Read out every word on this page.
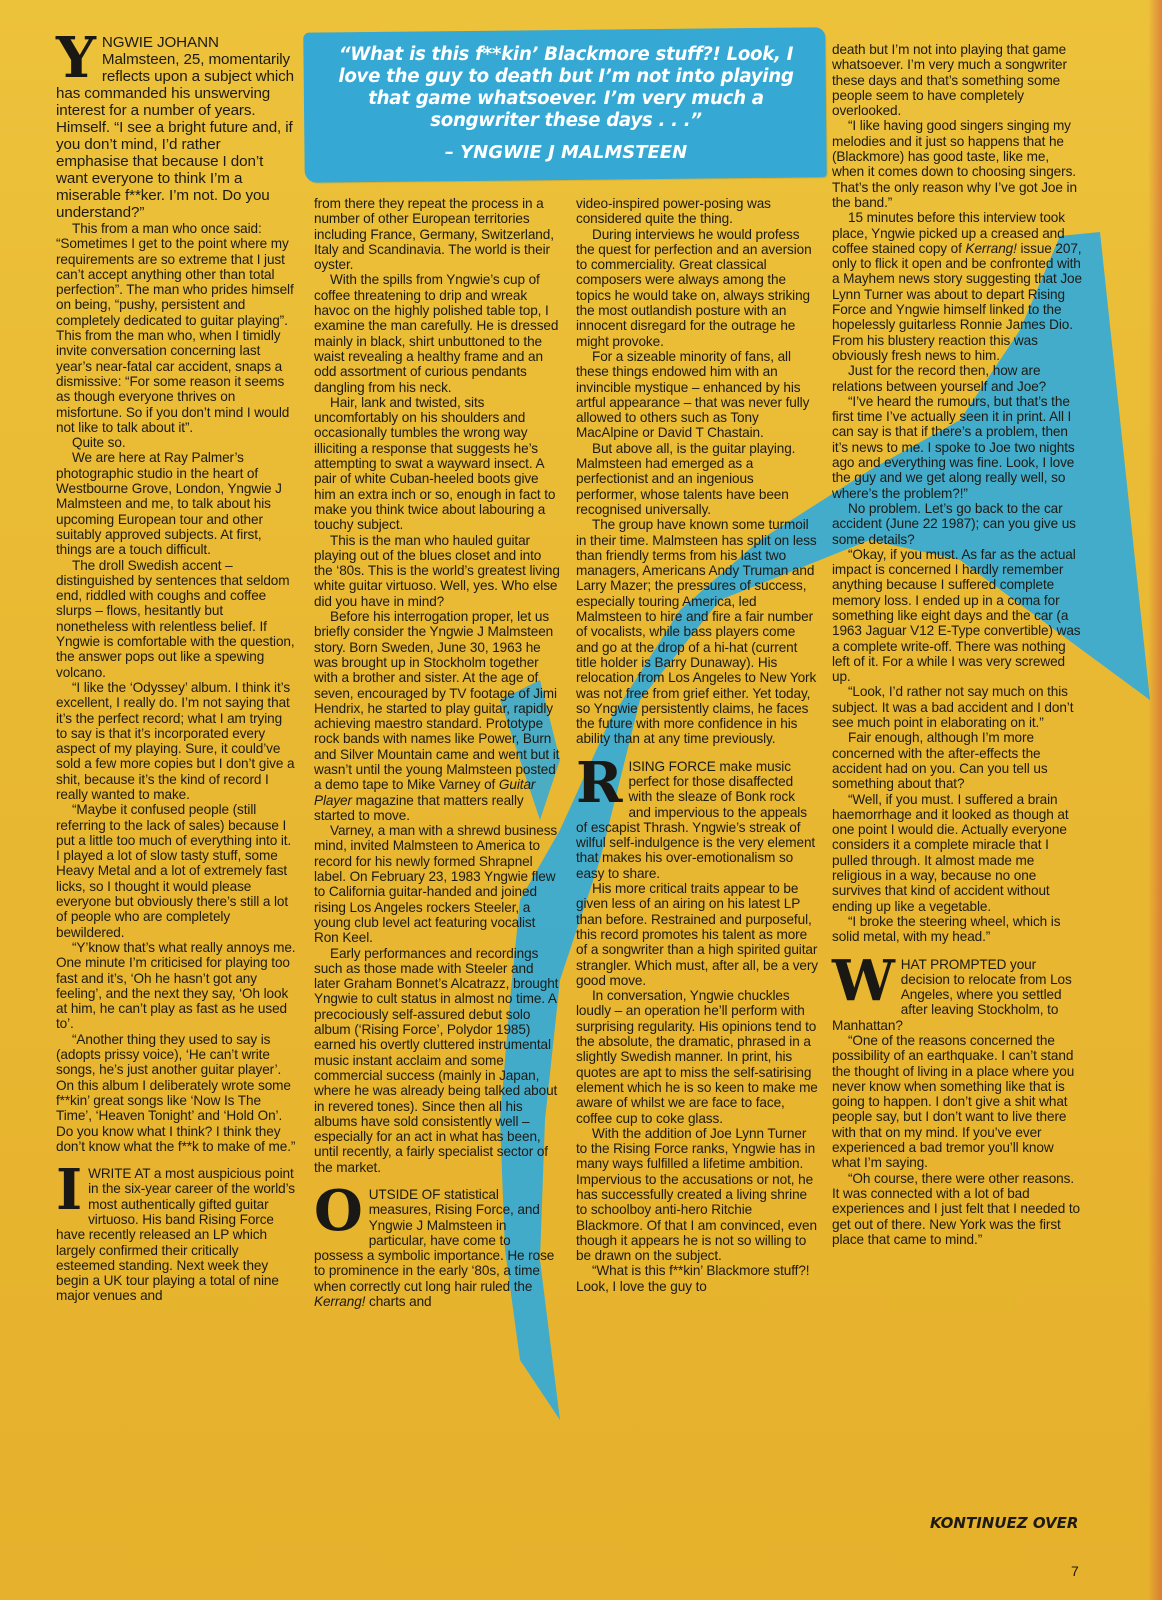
“What is this f**kin’ Blackmore stuff?! Look, I love the guy to death but I’m not into playing that game whatsoever. I’m very much a songwriter these days . . .”
– YNGWIE J MALMSTEEN

YNGWIE JOHANN Malmsteen, 25, momentarily reflects upon a subject which has commanded his unswerving interest for a number of years. Himself. “I see a bright future and, if you don’t mind, I’d rather emphasise that because I don’t want everyone to think I’m a miserable f**ker. I’m not. Do you understand?”

This from a man who once said: “Sometimes I get to the point where my requirements are so extreme that I just can’t accept anything other than total perfection”. The man who prides himself on being, “pushy, persistent and completely dedicated to guitar playing”. This from the man who, when I timidly invite conversation concerning last year’s near-fatal car accident, snaps a dismissive: “For some reason it seems as though everyone thrives on misfortune. So if you don’t mind I would not like to talk about it”.

Quite so.

We are here at Ray Palmer’s photographic studio in the heart of Westbourne Grove, London, Yngwie J Malmsteen and me, to talk about his upcoming European tour and other suitably approved subjects. At first, things are a touch difficult.

The droll Swedish accent – distinguished by sentences that seldom end, riddled with coughs and coffee slurps – flows, hesitantly but nonetheless with relentless belief. If Yngwie is comfortable with the question, the answer pops out like a spewing volcano.

“I like the ‘Odyssey’ album. I think it’s excellent, I really do. I’m not saying that it’s the perfect record; what I am trying to say is that it’s incorporated every aspect of my playing. Sure, it could’ve sold a few more copies but I don’t give a shit, because it’s the kind of record I really wanted to make.

“Maybe it confused people (still referring to the lack of sales) because I put a little too much of everything into it. I played a lot of slow tasty stuff, some Heavy Metal and a lot of extremely fast licks, so I thought it would please everyone but obviously there’s still a lot of people who are completely bewildered.

“Y’know that’s what really annoys me. One minute I’m criticised for playing too fast and it’s, ‘Oh he hasn’t got any feeling’, and the next they say, ‘Oh look at him, he can’t play as fast as he used to’.

“Another thing they used to say is (adopts prissy voice), ‘He can’t write songs, he’s just another guitar player’. On this album I deliberately wrote some f**kin’ great songs like ‘Now Is The Time’, ‘Heaven Tonight’ and ‘Hold On’. Do you know what I think? I think they don’t know what the f**k to make of me.”

I WRITE AT a most auspicious point in the six-year career of the world’s most authentically gifted guitar virtuoso. His band Rising Force have recently released an LP which largely confirmed their critically esteemed standing. Next week they begin a UK tour playing a total of nine major venues and

from there they repeat the process in a number of other European territories including France, Germany, Switzerland, Italy and Scandinavia. The world is their oyster.

With the spills from Yngwie’s cup of coffee threatening to drip and wreak havoc on the highly polished table top, I examine the man carefully. He is dressed mainly in black, shirt unbuttoned to the waist revealing a healthy frame and an odd assortment of curious pendants dangling from his neck.

Hair, lank and twisted, sits uncomfortably on his shoulders and occasionally tumbles the wrong way illiciting a response that suggests he’s attempting to swat a wayward insect. A pair of white Cuban-heeled boots give him an extra inch or so, enough in fact to make you think twice about labouring a touchy subject.

This is the man who hauled guitar playing out of the blues closet and into the ‘80s. This is the world’s greatest living white guitar virtuoso. Well, yes. Who else did you have in mind?

Before his interrogation proper, let us briefly consider the Yngwie J Malmsteen story. Born Sweden, June 30, 1963 he was brought up in Stockholm together with a brother and sister. At the age of seven, encouraged by TV footage of Jimi Hendrix, he started to play guitar, rapidly achieving maestro standard. Prototype rock bands with names like Power, Burn and Silver Mountain came and went but it wasn’t until the young Malmsteen posted a demo tape to Mike Varney of Guitar Player magazine that matters really started to move.

Varney, a man with a shrewd business mind, invited Malmsteen to America to record for his newly formed Shrapnel label. On February 23, 1983 Yngwie flew to California guitar-handed and joined rising Los Angeles rockers Steeler, a young club level act featuring vocalist Ron Keel.

Early performances and recordings such as those made with Steeler and later Graham Bonnet’s Alcatrazz, brought Yngwie to cult status in almost no time. A precociously self-assured debut solo album (‘Rising Force’, Polydor 1985) earned his overtly cluttered instrumental music instant acclaim and some commercial success (mainly in Japan, where he was already being talked about in revered tones). Since then all his albums have sold consistently well – especially for an act in what has been, until recently, a fairly specialist sector of the market.

OUTSIDE OF statistical measures, Rising Force, and Yngwie J Malmsteen in particular, have come to possess a symbolic importance. He rose to prominence in the early ‘80s, a time when correctly cut long hair ruled the Kerrang! charts and

video-inspired power-posing was considered quite the thing.

During interviews he would profess the quest for perfection and an aversion to commerciality. Great classical composers were always among the topics he would take on, always striking the most outlandish posture with an innocent disregard for the outrage he might provoke.

For a sizeable minority of fans, all these things endowed him with an invincible mystique – enhanced by his artful appearance – that was never fully allowed to others such as Tony MacAlpine or David T Chastain.

But above all, is the guitar playing. Malmsteen had emerged as a perfectionist and an ingenious performer, whose talents have been recognised universally.

The group have known some turmoil in their time. Malmsteen has split on less than friendly terms from his last two managers, Americans Andy Truman and Larry Mazer; the pressures of success, especially touring America, led Malmsteen to hire and fire a fair number of vocalists, while bass players come and go at the drop of a hi-hat (current title holder is Barry Dunaway). His relocation from Los Angeles to New York was not free from grief either. Yet today, so Yngwie persistently claims, he faces the future with more confidence in his ability than at any time previously.

RISING FORCE make music perfect for those disaffected with the sleaze of Bonk rock and impervious to the appeals of escapist Thrash. Yngwie’s streak of wilful self-indulgence is the very element that makes his over-emotionalism so easy to share.

His more critical traits appear to be given less of an airing on his latest LP than before. Restrained and purposeful, this record promotes his talent as more of a songwriter than a high spirited guitar strangler. Which must, after all, be a very good move.

In conversation, Yngwie chuckles loudly – an operation he’ll perform with surprising regularity. His opinions tend to the absolute, the dramatic, phrased in a slightly Swedish manner. In print, his quotes are apt to miss the self-satirising element which he is so keen to make me aware of whilst we are face to face, coffee cup to coke glass.

With the addition of Joe Lynn Turner to the Rising Force ranks, Yngwie has in many ways fulfilled a lifetime ambition. Impervious to the accusations or not, he has successfully created a living shrine to schoolboy anti-hero Ritchie Blackmore. Of that I am convinced, even though it appears he is not so willing to be drawn on the subject.

“What is this f**kin’ Blackmore stuff?! Look, I love the guy to

death but I’m not into playing that game whatsoever. I’m very much a songwriter these days and that’s something some people seem to have completely overlooked.

“I like having good singers singing my melodies and it just so happens that he (Blackmore) has good taste, like me, when it comes down to choosing singers. That’s the only reason why I’ve got Joe in the band.”

15 minutes before this interview took place, Yngwie picked up a creased and coffee stained copy of Kerrang! issue 207, only to flick it open and be confronted with a Mayhem news story suggesting that Joe Lynn Turner was about to depart Rising Force and Yngwie himself linked to the hopelessly guitarless Ronnie James Dio. From his blustery reaction this was obviously fresh news to him.

Just for the record then, how are relations between yourself and Joe?

“I’ve heard the rumours, but that’s the first time I’ve actually seen it in print. All I can say is that if there’s a problem, then it’s news to me. I spoke to Joe two nights ago and everything was fine. Look, I love the guy and we get along really well, so where’s the problem?!”

No problem. Let’s go back to the car accident (June 22 1987); can you give us some details?

“Okay, if you must. As far as the actual impact is concerned I hardly remember anything because I suffered complete memory loss. I ended up in a coma for something like eight days and the car (a 1963 Jaguar V12 E-Type convertible) was a complete write-off. There was nothing left of it. For a while I was very screwed up.

“Look, I’d rather not say much on this subject. It was a bad accident and I don’t see much point in elaborating on it.”

Fair enough, although I’m more concerned with the after-effects the accident had on you. Can you tell us something about that?

“Well, if you must. I suffered a brain haemorrhage and it looked as though at one point I would die. Actually everyone considers it a complete miracle that I pulled through. It almost made me religious in a way, because no one survives that kind of accident without ending up like a vegetable.

“I broke the steering wheel, which is solid metal, with my head.”

WHAT PROMPTED your decision to relocate from Los Angeles, where you settled after leaving Stockholm, to Manhattan?

“One of the reasons concerned the possibility of an earthquake. I can’t stand the thought of living in a place where you never know when something like that is going to happen. I don’t give a shit what people say, but I don’t want to live there with that on my mind. If you’ve ever experienced a bad tremor you’ll know what I’m saying.

“Oh course, there were other reasons. It was connected with a lot of bad experiences and I just felt that I needed to get out of there. New York was the first place that came to mind.”

KONTINUEZ OVER
7
